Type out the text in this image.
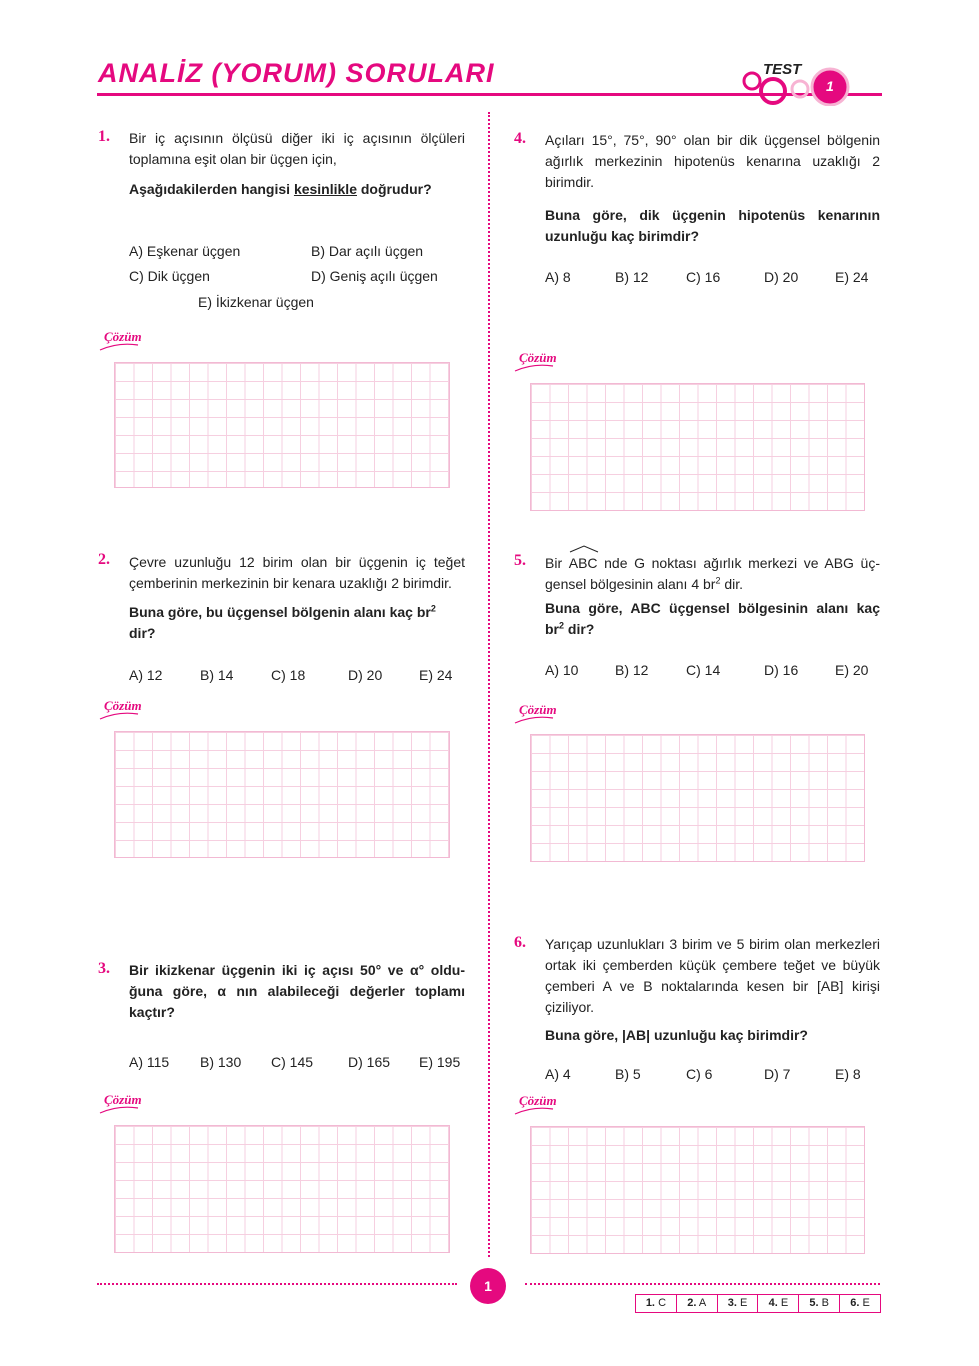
ANALİZ (YORUM) SORULARI	TEST
1
1. Bir iç açısının ölçüsü diğer iki iç açısının ölçüleri toplamına eşit olan bir üçgen için,
Aşağıdakilerden hangisi kesinlikle doğrudur?
A) Eşkenar üçgen	B) Dar açılı üçgen
C) Dik üçgen	D) Geniş açılı üçgen
E) İkizkenar üçgen
Çözüm
2. Çevre uzunluğu 12 birim olan bir üçgenin iç teğet çemberinin merkezinin bir kenara uzaklığı 2 birimdir.
Buna göre, bu üçgensel bölgenin alanı kaç $br^2$
dir?
A) 12	B) 14	C) 18	D) 20	E) 24
Çözüm
3. Bir ikizkenar üçgenin iki iç açısı 50° ve α° oldu-
ğuna göre, α nın alabileceği değerler toplamı
kaçtır?
A) 115 B) 130 C) 145 D) 165 E) 195
Çözüm
4. Açıları 15°, 75°, 90° olan bir dik üçgensel bölgenin ağırlık merkezinin hipotenüs kenarına uzaklığı 2 birimdir.
Buna göre, dik üçgenin hipotenüs kenarının uzunluğu kaç birimdir?
A) 8	B) 12	C) 16	D) 20	E) 24
Çözüm
5. Bir
ABC nde G noktası ağırlık merkezi ve ABG üç-
gensel bölgesinin alanı 4 $br^2$ dir.
Buna göre, ABC üçgensel bölgesinin alanı kaç
$br^2$ dir?
A) 10	B) 12	C) 14	D) 16	E) 20
Çözüm
6. Yarıçap uzunlukları 3 birim ve 5 birim olan merkezleri ortak iki çemberden küçük çembere teğet ve büyük çemberi A ve B noktalarında kesen bir [AB] kirişi çiziliyor.
Buna göre, |AB| uzunluğu kaç birimdir?
A) 4	B) 5	C) 6	D) 7	E) 8
Çözüm
1
1. C	2. A	3. E	4. E	5. B	6. E
